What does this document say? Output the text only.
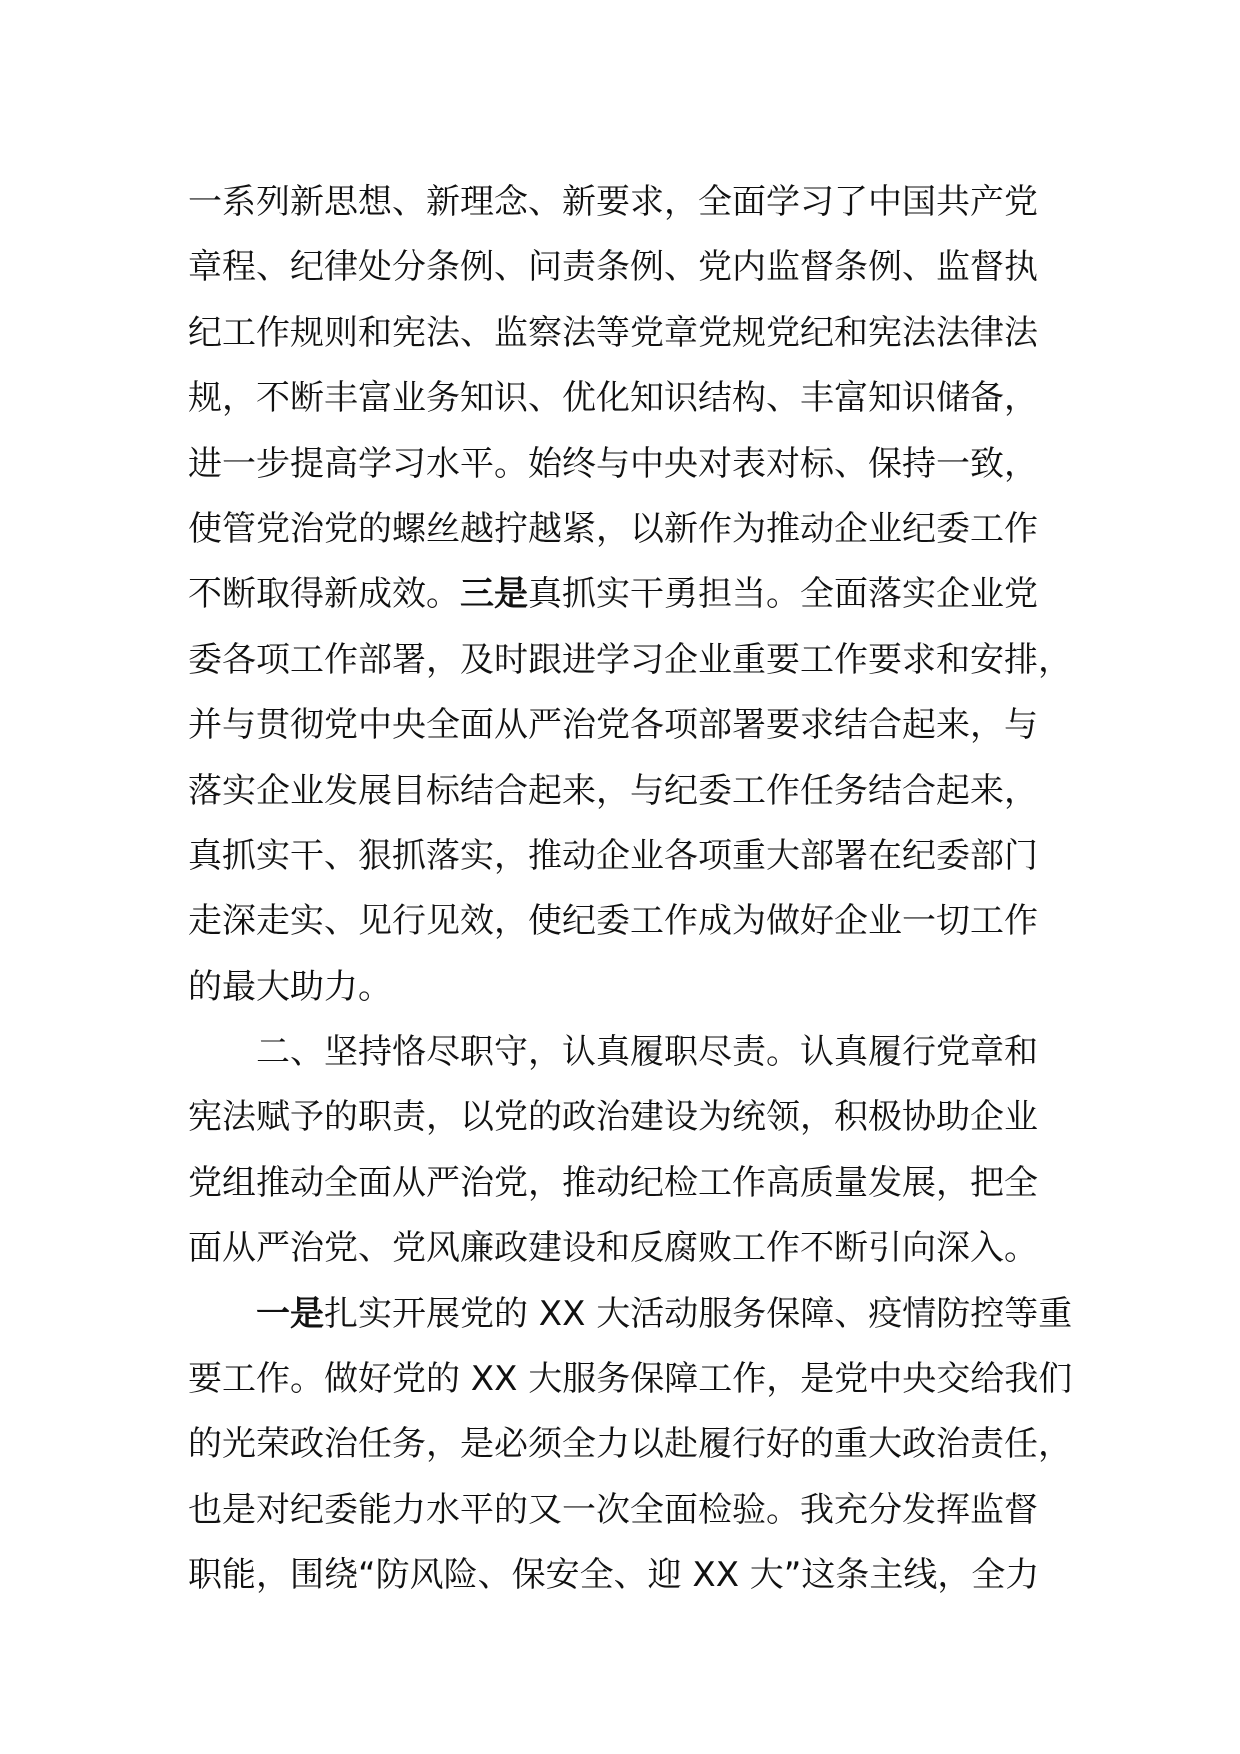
一系列新思想、新理念、新要求，全面学习了中国共产党
章程、纪律处分条例、问责条例、党内监督条例、监督执
纪工作规则和宪法、监察法等党章党规党纪和宪法法律法
规，不断丰富业务知识、优化知识结构、丰富知识储备，
进一步提高学习水平。始终与中央对表对标、保持一致，
使管党治党的螺丝越拧越紧，以新作为推动企业纪委工作
不断取得新成效。三是真抓实干勇担当。全面落实企业党
委各项工作部署，及时跟进学习企业重要工作要求和安排，
并与贯彻党中央全面从严治党各项部署要求结合起来，与
落实企业发展目标结合起来，与纪委工作任务结合起来，
真抓实干、狠抓落实，推动企业各项重大部署在纪委部门
走深走实、见行见效，使纪委工作成为做好企业一切工作
的最大助力。
二、坚持恪尽职守，认真履职尽责。认真履行党章和
宪法赋予的职责，以党的政治建设为统领，积极协助企业
党组推动全面从严治党，推动纪检工作高质量发展，把全
面从严治党、党风廉政建设和反腐败工作不断引向深入。
一是扎实开展党的 XX 大活动服务保障、疫情防控等重
要工作。做好党的 XX 大服务保障工作，是党中央交给我们
的光荣政治任务，是必须全力以赴履行好的重大政治责任，
也是对纪委能力水平的又一次全面检验。我充分发挥监督
职能，围绕“防风险、保安全、迎 XX 大”这条主线，全力
